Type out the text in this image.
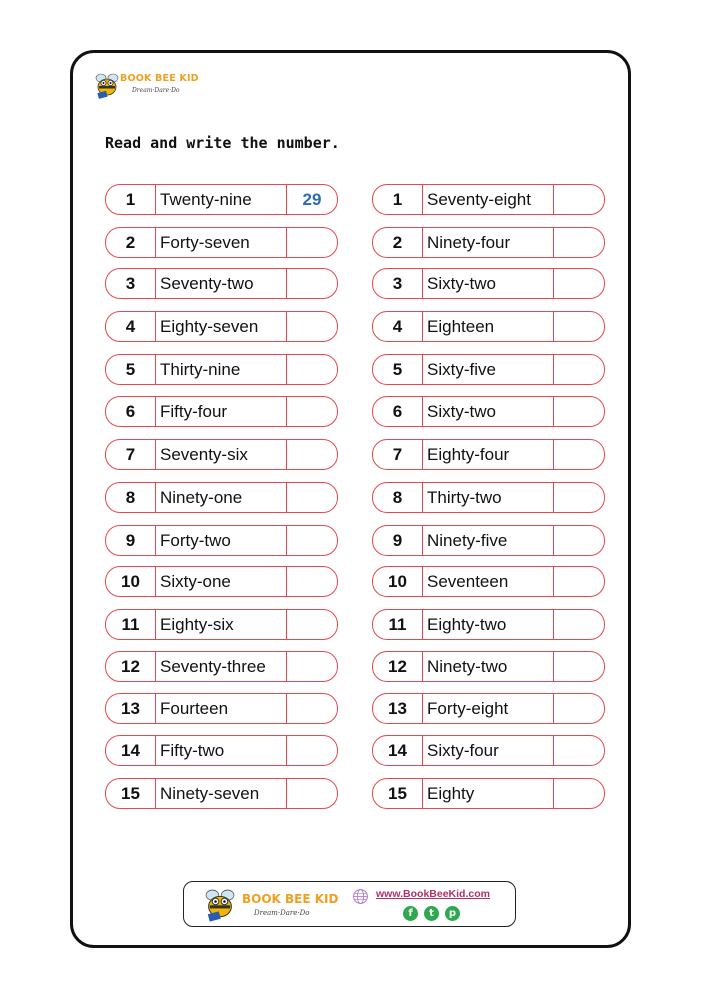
BOOK BEE KID
Dream·Dare·Do
Read and write the number.
1	Twenty-nine	29
2	Forty-seven
3	Seventy-two
4	Eighty-seven
5	Thirty-nine
6	Fifty-four
7	Seventy-six
8	Ninety-one
9	Forty-two
10	Sixty-one
11	Eighty-six
12	Seventy-three
13	Fourteen
14	Fifty-two
15	Ninety-seven
1	Seventy-eight
2	Ninety-four
3	Sixty-two
4	Eighteen
5	Sixty-five
6	Sixty-two
7	Eighty-four
8	Thirty-two
9	Ninety-five
10	Seventeen
11	Eighty-two
12	Ninety-two
13	Forty-eight
14	Sixty-four
15	Eighty
BOOK BEE KID
Dream·Dare·Do
www.BookBeeKid.com
f	t	p
